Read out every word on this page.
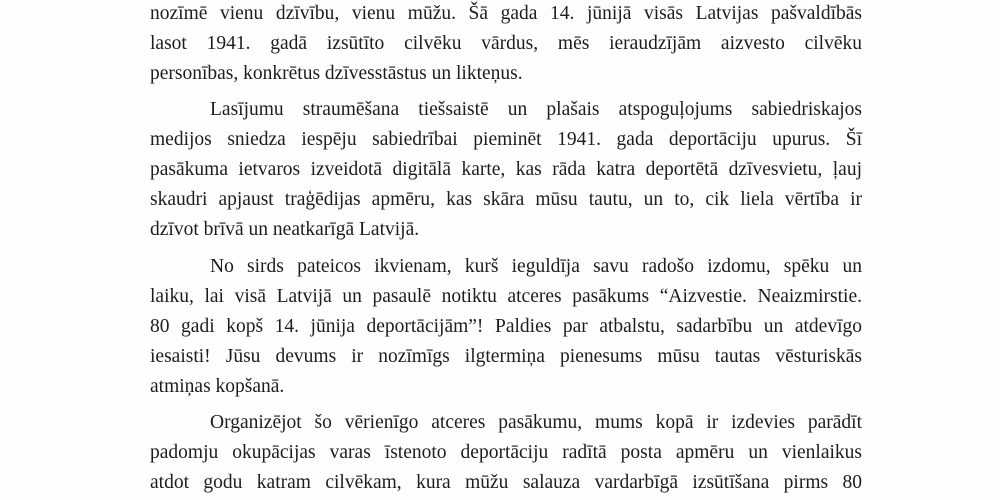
nozīmē vienu dzīvību, vienu mūžu. Šā gada 14. jūnijā visās Latvijas pašvaldībās
lasot 1941. gadā izsūtīto cilvēku vārdus, mēs ieraudzījām aizvesto cilvēku
personības, konkrētus dzīvesstāstus un likteņus.
Lasījumu straumēšana tiešsaistē un plašais atspoguļojums sabiedriskajos
medijos sniedza iespēju sabiedrībai pieminēt 1941. gada deportāciju upurus. Šī
pasākuma ietvaros izveidotā digitālā karte, kas rāda katra deportētā dzīvesvietu, ļauj
skaudri apjaust traģēdijas apmēru, kas skāra mūsu tautu, un to, cik liela vērtība ir
dzīvot brīvā un neatkarīgā Latvijā.
No sirds pateicos ikvienam, kurš ieguldīja savu radošo izdomu, spēku un
laiku, lai visā Latvijā un pasaulē notiktu atceres pasākums “Aizvestie. Neaizmirstie.
80 gadi kopš 14. jūnija deportācijām”! Paldies par atbalstu, sadarbību un atdevīgo
iesaisti! Jūsu devums ir nozīmīgs ilgtermiņa pienesums mūsu tautas vēsturiskās
atmiņas kopšanā.
Organizējot šo vērienīgo atceres pasākumu, mums kopā ir izdevies parādīt
padomju okupācijas varas īstenoto deportāciju radītā posta apmēru un vienlaikus
atdot godu katram cilvēkam, kura mūžu salauza vardarbīgā izsūtīšana pirms 80
